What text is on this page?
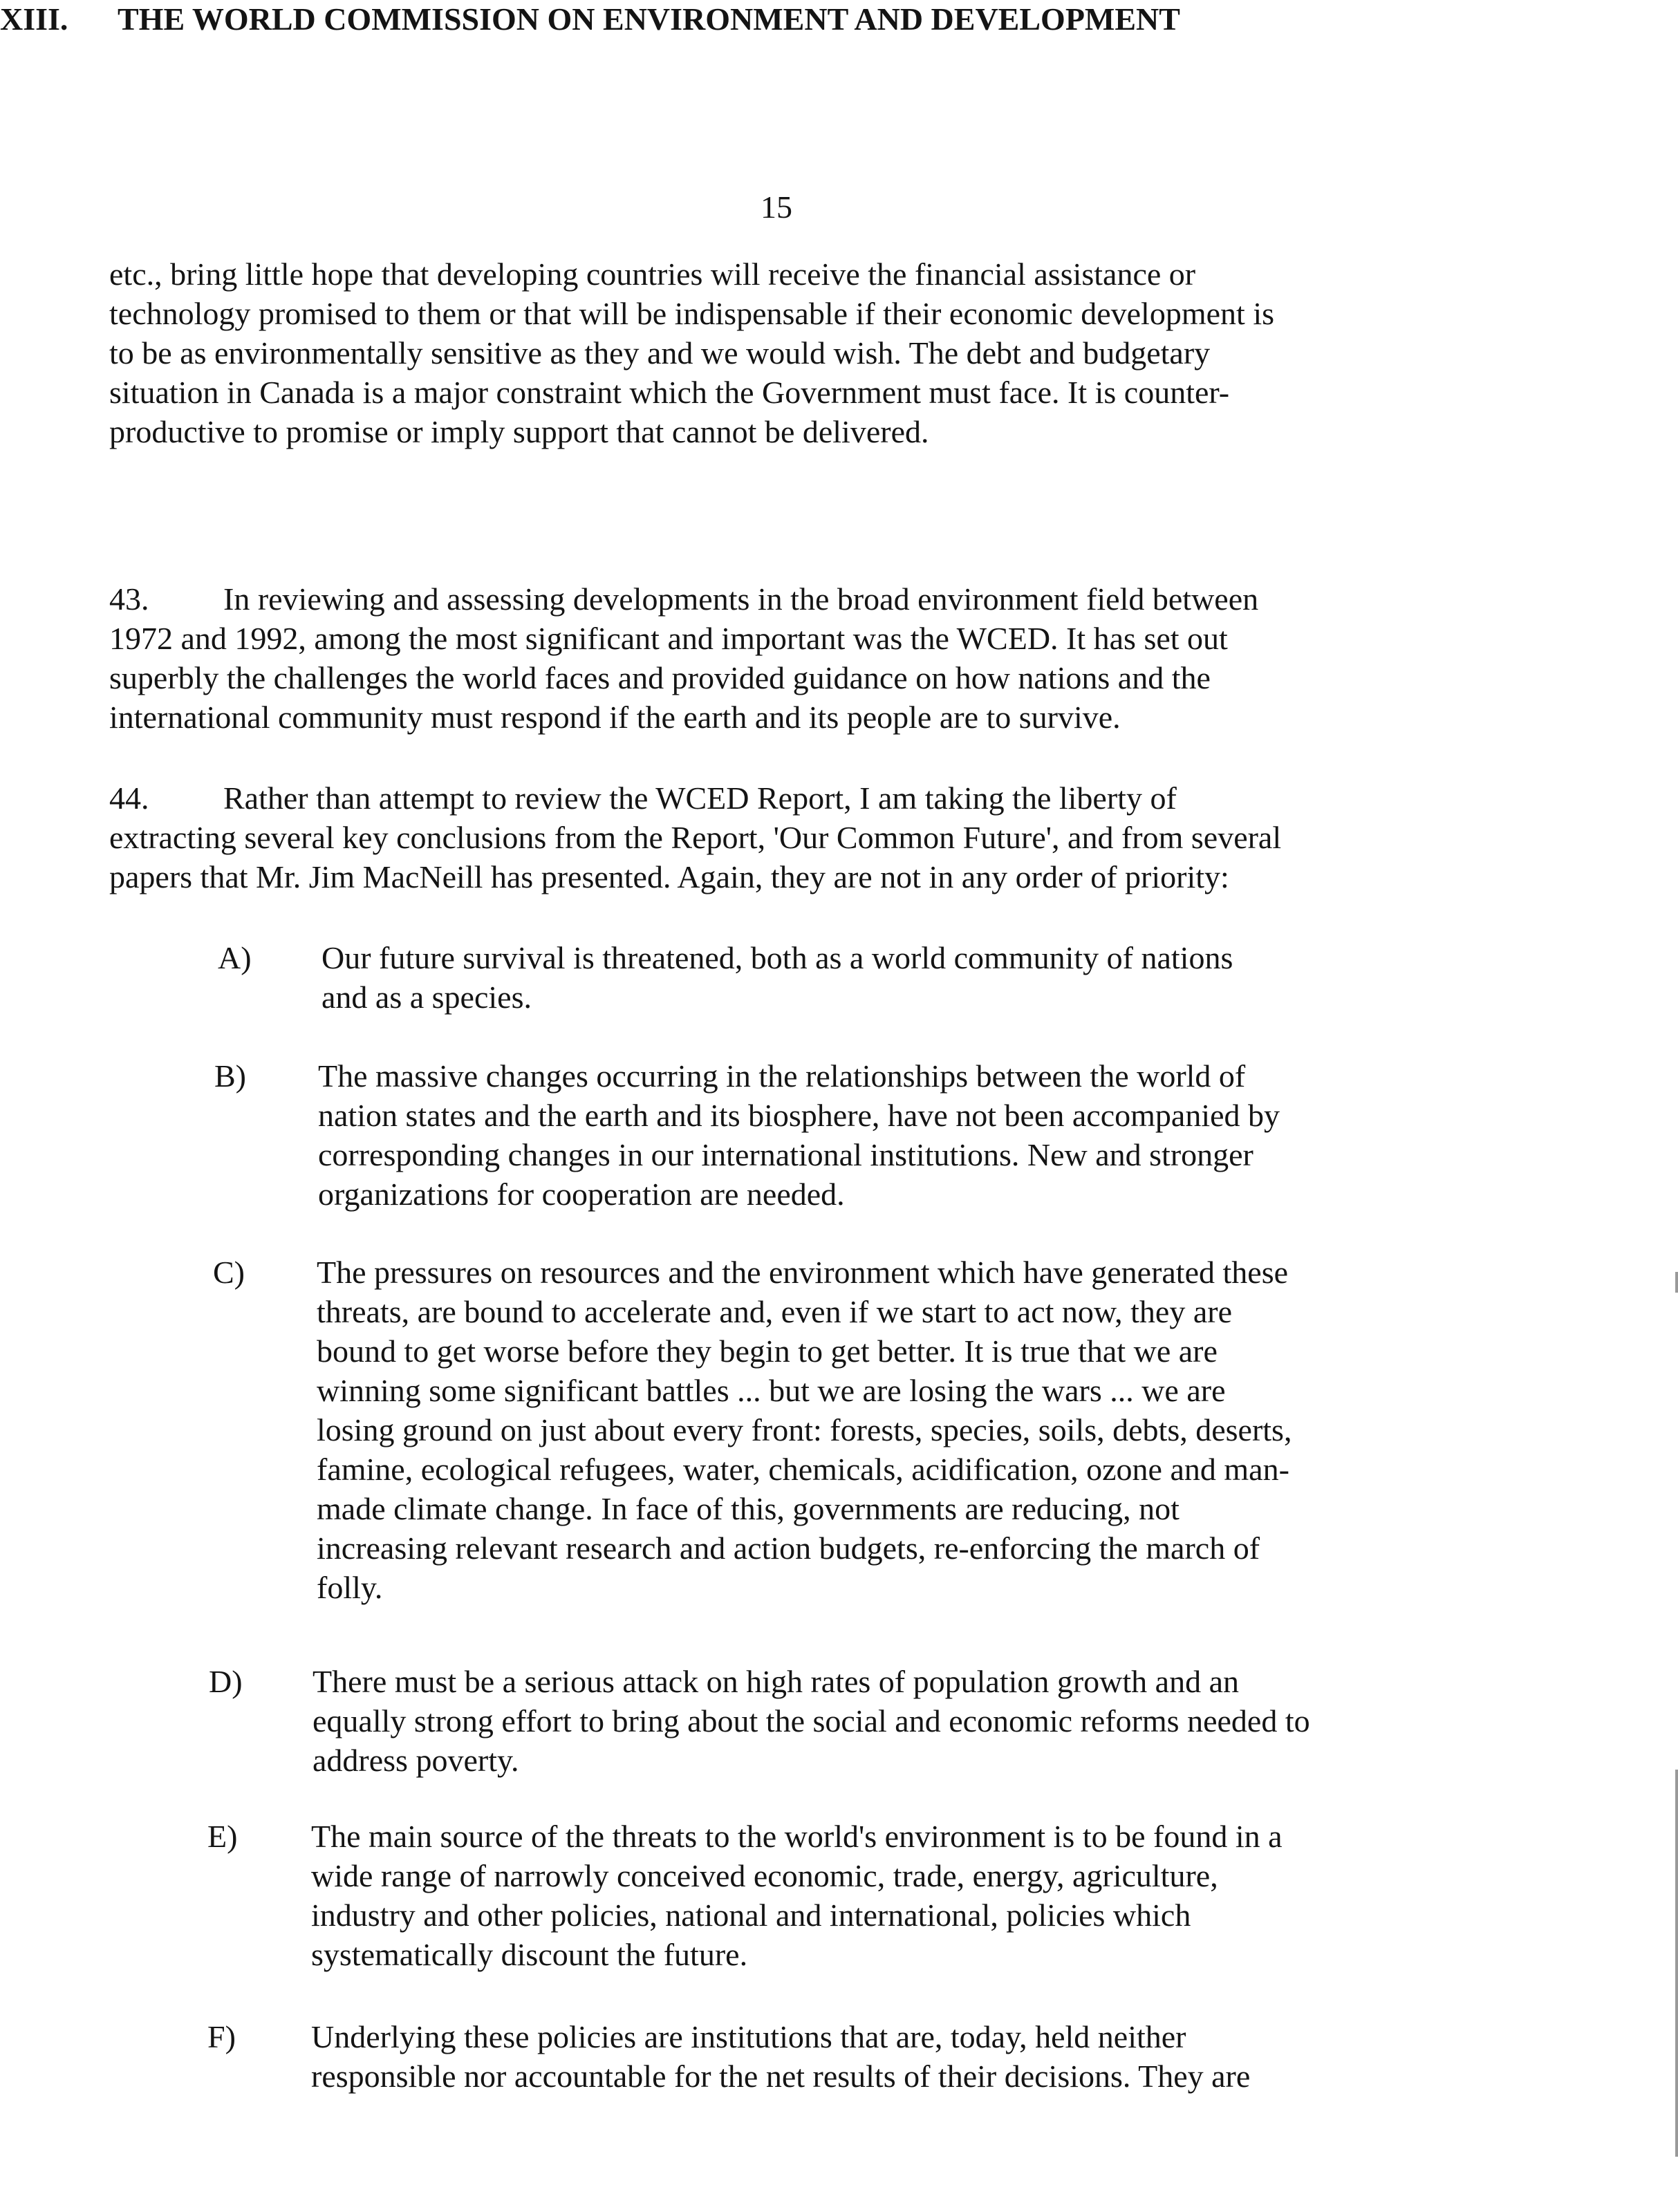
15
etc., bring little hope that developing countries will receive the financial assistance or
technology promised to them or that will be indispensable if their economic development is
to be as environmentally sensitive as they and we would wish. The debt and budgetary
situation in Canada is a major constraint which the Government must face. It is counter-
productive to promise or imply support that cannot be delivered.
XIII. THE WORLD COMMISSION ON ENVIRONMENT AND DEVELOPMENT
43. In reviewing and assessing developments in the broad environment field between
1972 and 1992, among the most significant and important was the WCED. It has set out
superbly the challenges the world faces and provided guidance on how nations and the
international community must respond if the earth and its people are to survive.
44. Rather than attempt to review the WCED Report, I am taking the liberty of
extracting several key conclusions from the Report, 'Our Common Future', and from several
papers that Mr. Jim MacNeill has presented. Again, they are not in any order of priority:
A) Our future survival is threatened, both as a world community of nations
and as a species.
B) The massive changes occurring in the relationships between the world of
nation states and the earth and its biosphere, have not been accompanied by
corresponding changes in our international institutions. New and stronger
organizations for cooperation are needed.
C) The pressures on resources and the environment which have generated these
threats, are bound to accelerate and, even if we start to act now, they are
bound to get worse before they begin to get better. It is true that we are
winning some significant battles ... but we are losing the wars ... we are
losing ground on just about every front: forests, species, soils, debts, deserts,
famine, ecological refugees, water, chemicals, acidification, ozone and man-
made climate change. In face of this, governments are reducing, not
increasing relevant research and action budgets, re-enforcing the march of
folly.
D) There must be a serious attack on high rates of population growth and an
equally strong effort to bring about the social and economic reforms needed to
address poverty.
E) The main source of the threats to the world's environment is to be found in a
wide range of narrowly conceived economic, trade, energy, agriculture,
industry and other policies, national and international, policies which
systematically discount the future.
F) Underlying these policies are institutions that are, today, held neither
responsible nor accountable for the net results of their decisions. They are
